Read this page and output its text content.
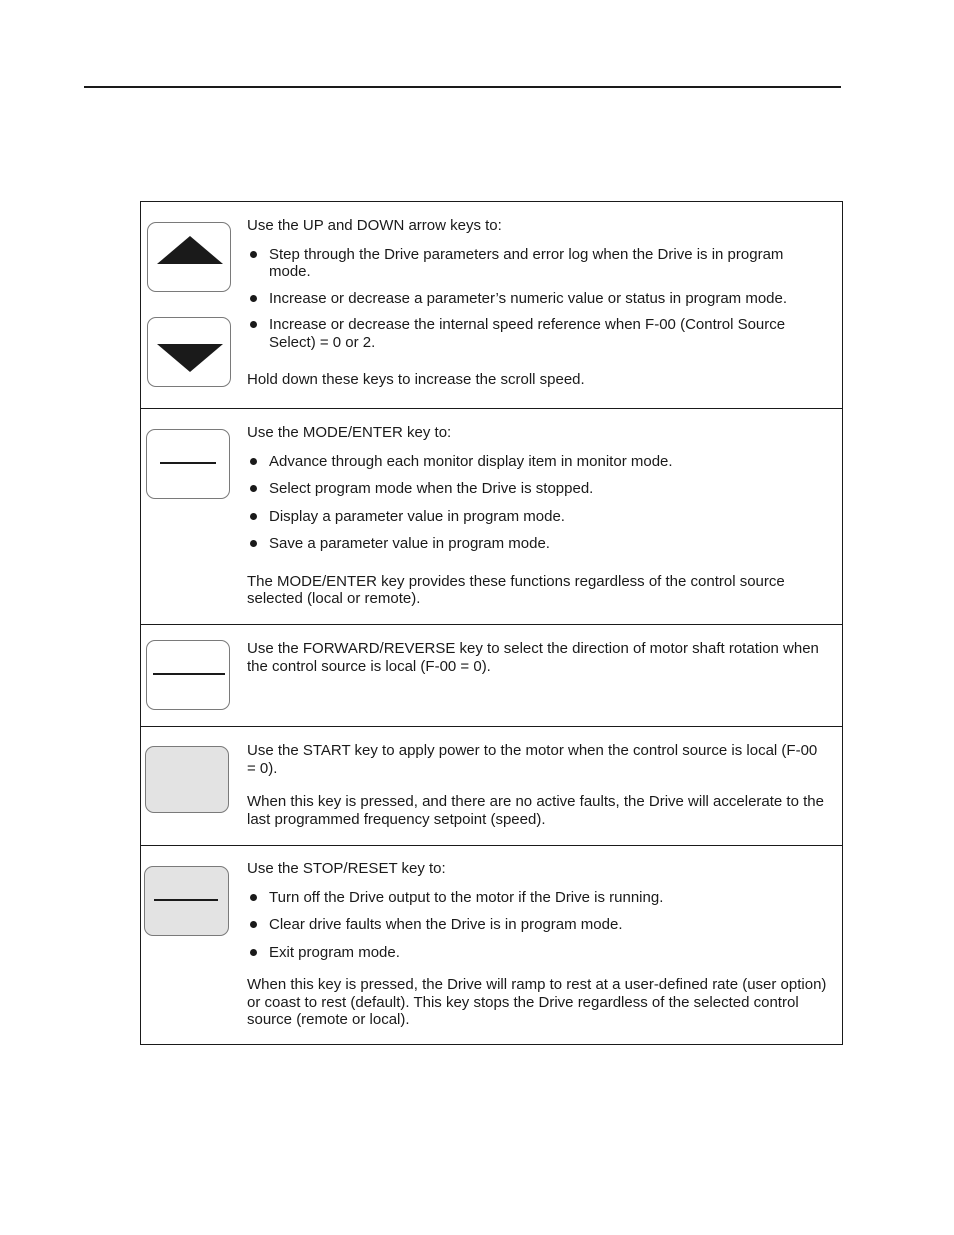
Use the UP and DOWN arrow keys to:

Step through the Drive parameters and error log when the Drive is in program mode.
Increase or decrease a parameter’s numeric value or status in program mode.
Increase or decrease the internal speed reference when F-00 (Control Source Select) = 0 or 2.

Hold down these keys to increase the scroll speed.

Use the MODE/ENTER key to:

Advance through each monitor display item in monitor mode.
Select program mode when the Drive is stopped.
Display a parameter value in program mode.
Save a parameter value in program mode.

The MODE/ENTER key provides these functions regardless of the control source selected (local or remote).

Use the FORWARD/REVERSE key to select the direction of motor shaft rotation when the control source is local (F-00 = 0).

Use the START key to apply power to the motor when the control source is local (F-00 = 0).

When this key is pressed, and there are no active faults, the Drive will accelerate to the last programmed frequency setpoint (speed).

Use the STOP/RESET key to:

Turn off the Drive output to the motor if the Drive is running.
Clear drive faults when the Drive is in program mode.
Exit program mode.

When this key is pressed, the Drive will ramp to rest at a user-defined rate (user option) or coast to rest (default). This key stops the Drive regardless of the selected control source (remote or local).
